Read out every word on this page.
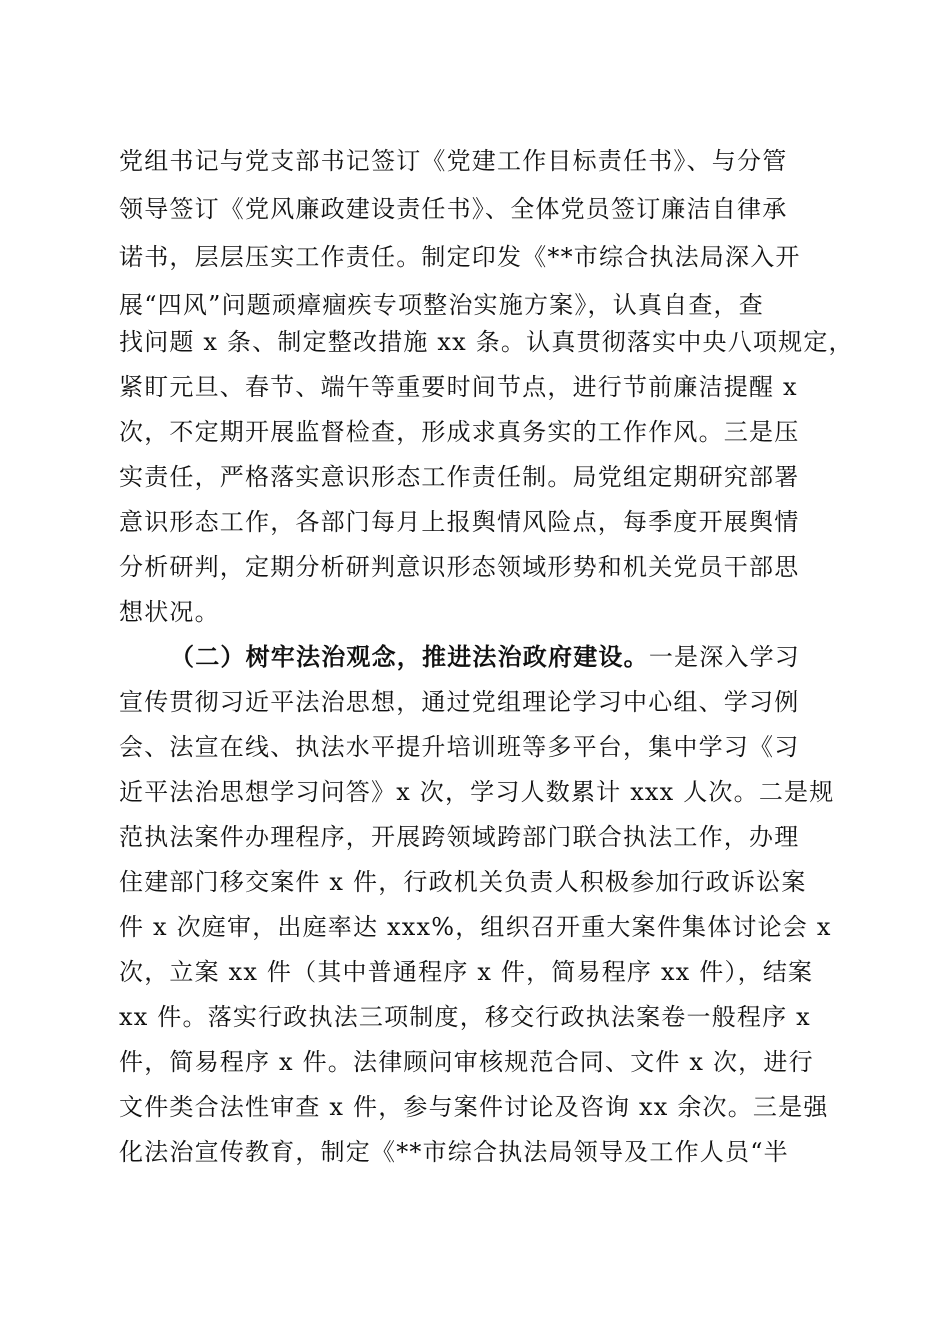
党组书记与党支部书记签订《党建工作目标责任书》、与分管
领导签订《党风廉政建设责任书》、全体党员签订廉洁自律承
诺书，层层压实工作责任。制定印发《**市综合执法局深入开
展“四风”问题顽瘴痼疾专项整治实施方案》，认真自查，查
找问题 x 条、制定整改措施 xx 条。认真贯彻落实中央八项规定，
紧盯元旦、春节、端午等重要时间节点，进行节前廉洁提醒 x
次，不定期开展监督检查，形成求真务实的工作作风。三是压
实责任，严格落实意识形态工作责任制。局党组定期研究部署
意识形态工作，各部门每月上报舆情风险点，每季度开展舆情
分析研判，定期分析研判意识形态领域形势和机关党员干部思
想状况。
（二）树牢法治观念，推进法治政府建设。一是深入学习
宣传贯彻习近平法治思想，通过党组理论学习中心组、学习例
会、法宣在线、执法水平提升培训班等多平台，集中学习《习
近平法治思想学习问答》x 次，学习人数累计 xxx 人次。二是规
范执法案件办理程序，开展跨领域跨部门联合执法工作，办理
住建部门移交案件 x 件，行政机关负责人积极参加行政诉讼案
件 x 次庭审，出庭率达 xxx%，组织召开重大案件集体讨论会 x
次，立案 xx 件（其中普通程序 x 件，简易程序 xx 件），结案
xx 件。落实行政执法三项制度，移交行政执法案卷一般程序 x
件，简易程序 x 件。法律顾问审核规范合同、文件 x 次，进行
文件类合法性审查 x 件，参与案件讨论及咨询 xx 余次。三是强
化法治宣传教育，制定《**市综合执法局领导及工作人员“半
